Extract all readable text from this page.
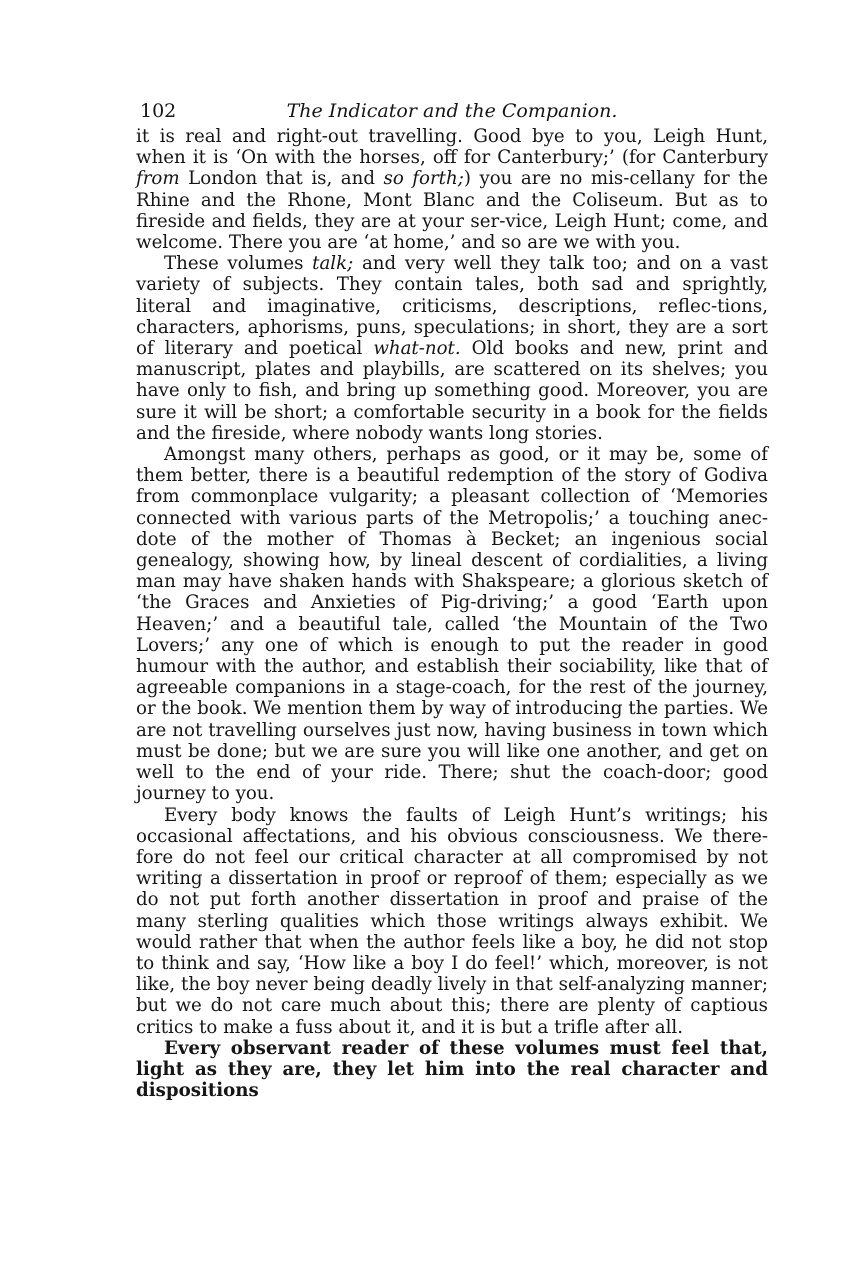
102	The Indicator and the Companion.

it is real and right-out travelling. Good bye to you, Leigh Hunt, when it is ‘On with the horses, off for Canterbury;’ (for Canterbury from London that is, and so forth;) you are no mis-cellany for the Rhine and the Rhone, Mont Blanc and the Coliseum. But as to fireside and fields, they are at your ser-vice, Leigh Hunt; come, and welcome. There you are ‘at home,’ and so are we with you.

These volumes talk; and very well they talk too; and on a vast variety of subjects. They contain tales, both sad and sprightly, literal and imaginative, criticisms, descriptions, reflec-tions, characters, aphorisms, puns, speculations; in short, they are a sort of literary and poetical what-not. Old books and new, print and manuscript, plates and playbills, are scattered on its shelves; you have only to fish, and bring up something good. Moreover, you are sure it will be short; a comfortable security in a book for the fields and the fireside, where nobody wants long stories.

Amongst many others, perhaps as good, or it may be, some of them better, there is a beautiful redemption of the story of Godiva from commonplace vulgarity; a pleasant collection of ‘Memories connected with various parts of the Metropolis;’ a touching anec-dote of the mother of Thomas à Becket; an ingenious social genealogy, showing how, by lineal descent of cordialities, a living man may have shaken hands with Shakspeare; a glorious sketch of ‘the Graces and Anxieties of Pig-driving;’ a good ‘Earth upon Heaven;’ and a beautiful tale, called ‘the Mountain of the Two Lovers;’ any one of which is enough to put the reader in good humour with the author, and establish their sociability, like that of agreeable companions in a stage-coach, for the rest of the journey, or the book. We mention them by way of introducing the parties. We are not travelling ourselves just now, having business in town which must be done; but we are sure you will like one another, and get on well to the end of your ride. There; shut the coach-door; good journey to you.

Every body knows the faults of Leigh Hunt’s writings; his occasional affectations, and his obvious consciousness. We there-fore do not feel our critical character at all compromised by not writing a dissertation in proof or reproof of them; especially as we do not put forth another dissertation in proof and praise of the many sterling qualities which those writings always exhibit. We would rather that when the author feels like a boy, he did not stop to think and say, ‘How like a boy I do feel!’ which, moreover, is not like, the boy never being deadly lively in that self-analyzing manner; but we do not care much about this; there are plenty of captious critics to make a fuss about it, and it is but a trifle after all.

Every observant reader of these volumes must feel that, light as they are, they let him into the real character and dispositions
